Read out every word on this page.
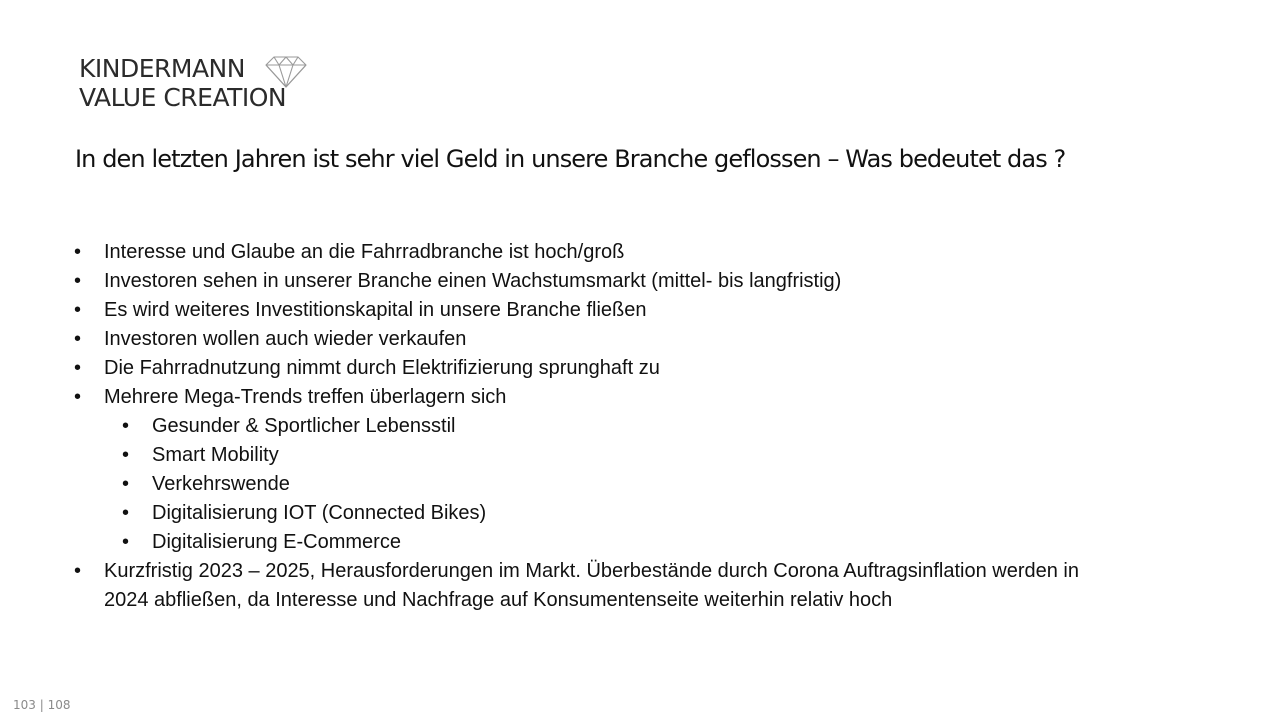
KINDERMANN
VALUE CREATION
In den letzten Jahren ist sehr viel Geld in unsere Branche geflossen – Was bedeutet das ?
• Interesse und Glaube an die Fahrradbranche ist hoch/groß
• Investoren sehen in unserer Branche einen Wachstumsmarkt (mittel- bis langfristig)
• Es wird weiteres Investitionskapital in unsere Branche fließen
• Investoren wollen auch wieder verkaufen
• Die Fahrradnutzung nimmt durch Elektrifizierung sprunghaft zu
• Mehrere Mega-Trends treffen überlagern sich
• Gesunder & Sportlicher Lebensstil
• Smart Mobility
• Verkehrswende
• Digitalisierung IOT (Connected Bikes)
• Digitalisierung E-Commerce
• Kurzfristig 2023 – 2025, Herausforderungen im Markt. Überbestände durch Corona Auftragsinflation werden in 2024 abfließen, da Interesse und Nachfrage auf Konsumentenseite weiterhin relativ hoch
103 | 108
